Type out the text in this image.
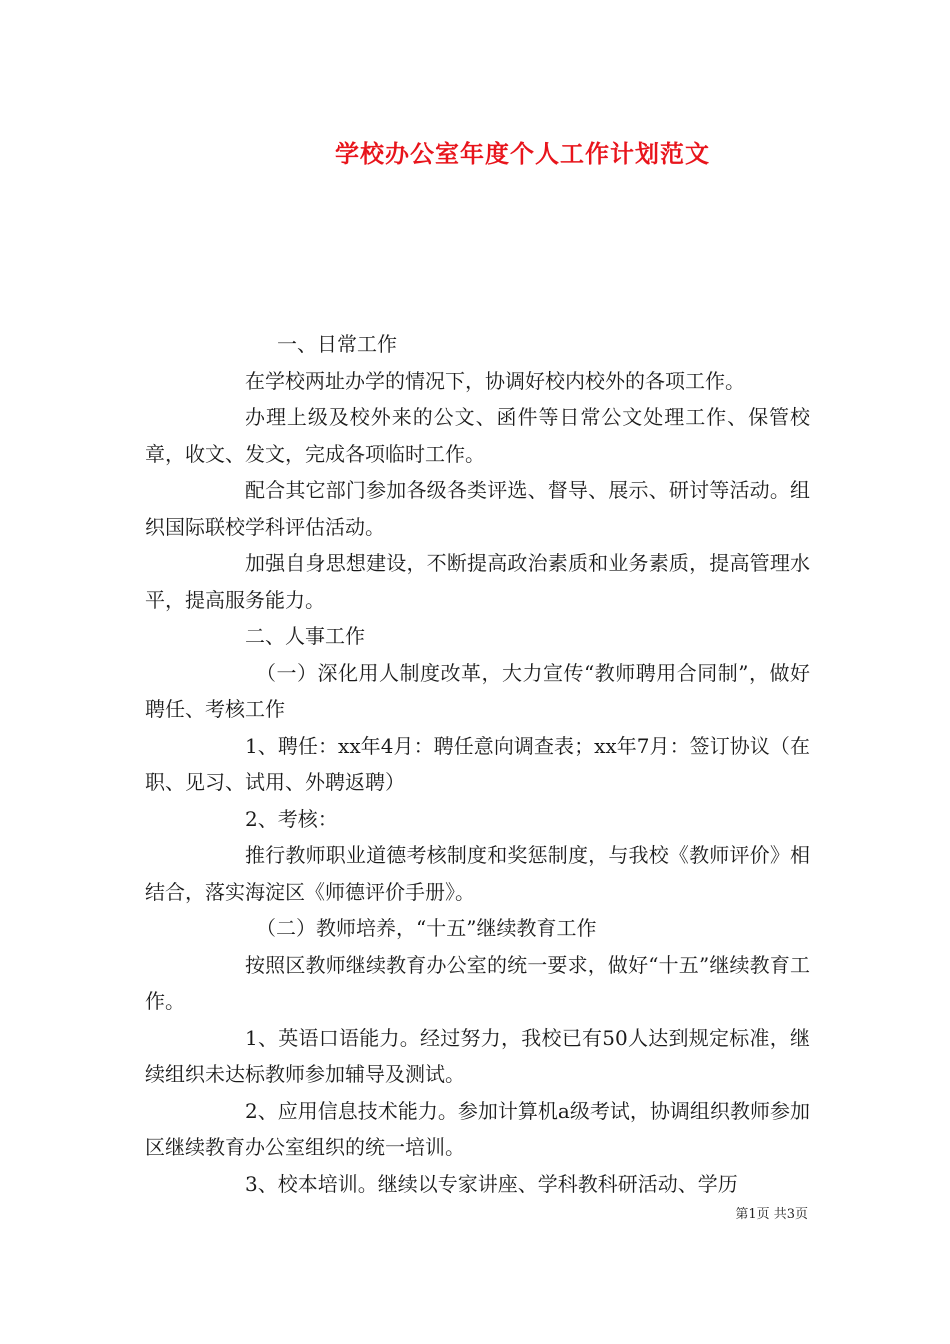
学校办公室年度个人工作计划范文

一、日常工作

在学校两址办学的情况下，协调好校内校外的各项工作。

办理上级及校外来的公文、函件等日常公文处理工作、保管校章，收文、发文，完成各项临时工作。

配合其它部门参加各级各类评选、督导、展示、研讨等活动。组织国际联校学科评估活动。

加强自身思想建设，不断提高政治素质和业务素质，提高管理水平，提高服务能力。

二、人事工作

（一）深化用人制度改革，大力宣传“教师聘用合同制”，做好聘任、考核工作

1、聘任：xx年4月：聘任意向调查表；xx年7月：签订协议（在职、见习、试用、外聘返聘）

2、考核：

推行教师职业道德考核制度和奖惩制度，与我校《教师评价》相结合，落实海淀区《师德评价手册》。

（二）教师培养，“十五”继续教育工作

按照区教师继续教育办公室的统一要求，做好“十五”继续教育工作。

1、英语口语能力。经过努力，我校已有50人达到规定标准，继续组织未达标教师参加辅导及测试。

2、应用信息技术能力。参加计算机a级考试，协调组织教师参加区继续教育办公室组织的统一培训。

3、校本培训。继续以专家讲座、学科教科研活动、学历

第1页 共3页
